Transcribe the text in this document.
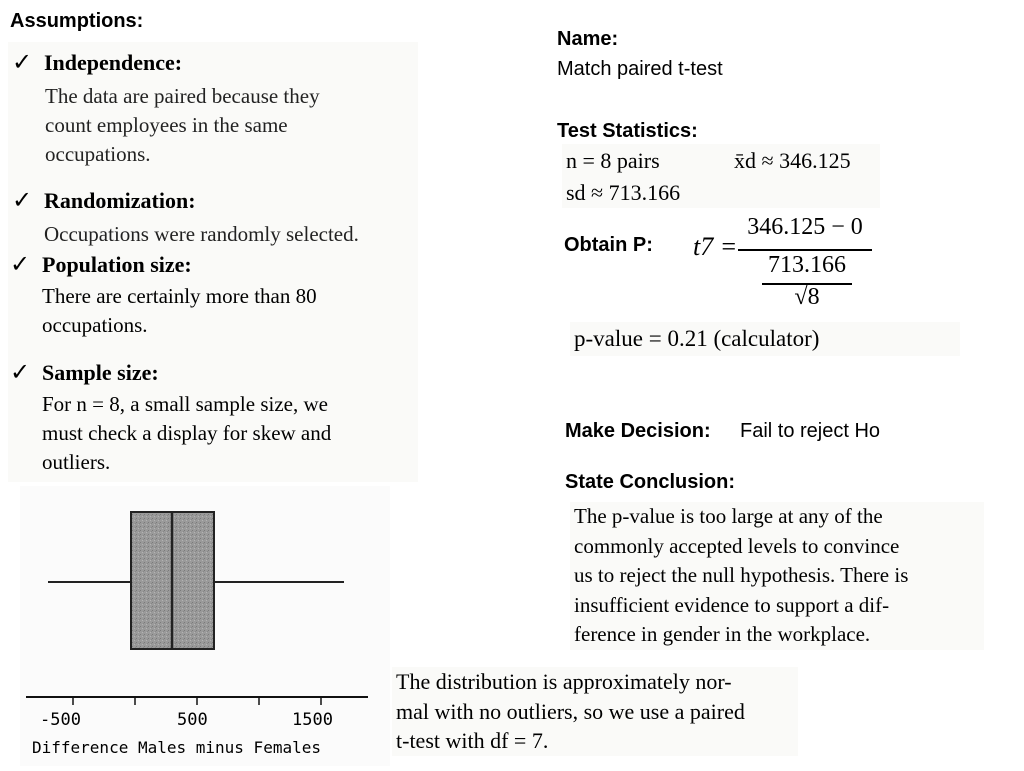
Assumptions:
✓ Independence:
The data are paired because they
count employees in the same
occupations.
✓ Randomization:
Occupations were randomly selected.
✓ Population size:
There are certainly more than 80
occupations.
✓ Sample size:
For n = 8, a small sample size, we
must check a display for skew and
outliers.
-500	500	1500
Difference Males minus Females
The distribution is approximately nor-
mal with no outliers, so we use a paired
t-test with df = 7.
Name:
Match paired t-test
Test Statistics:
n = 8 pairs	x̄d ≈ 346.125
sd ≈ 713.166
Obtain P: t7 =
346.125 − 0
713.166
√8
p-value = 0.21 (calculator)
Make Decision: Fail to reject Ho
State Conclusion:
The p-value is too large at any of the
commonly accepted levels to convince
us to reject the null hypothesis. There is
insufficient evidence to support a dif-
ference in gender in the workplace.
